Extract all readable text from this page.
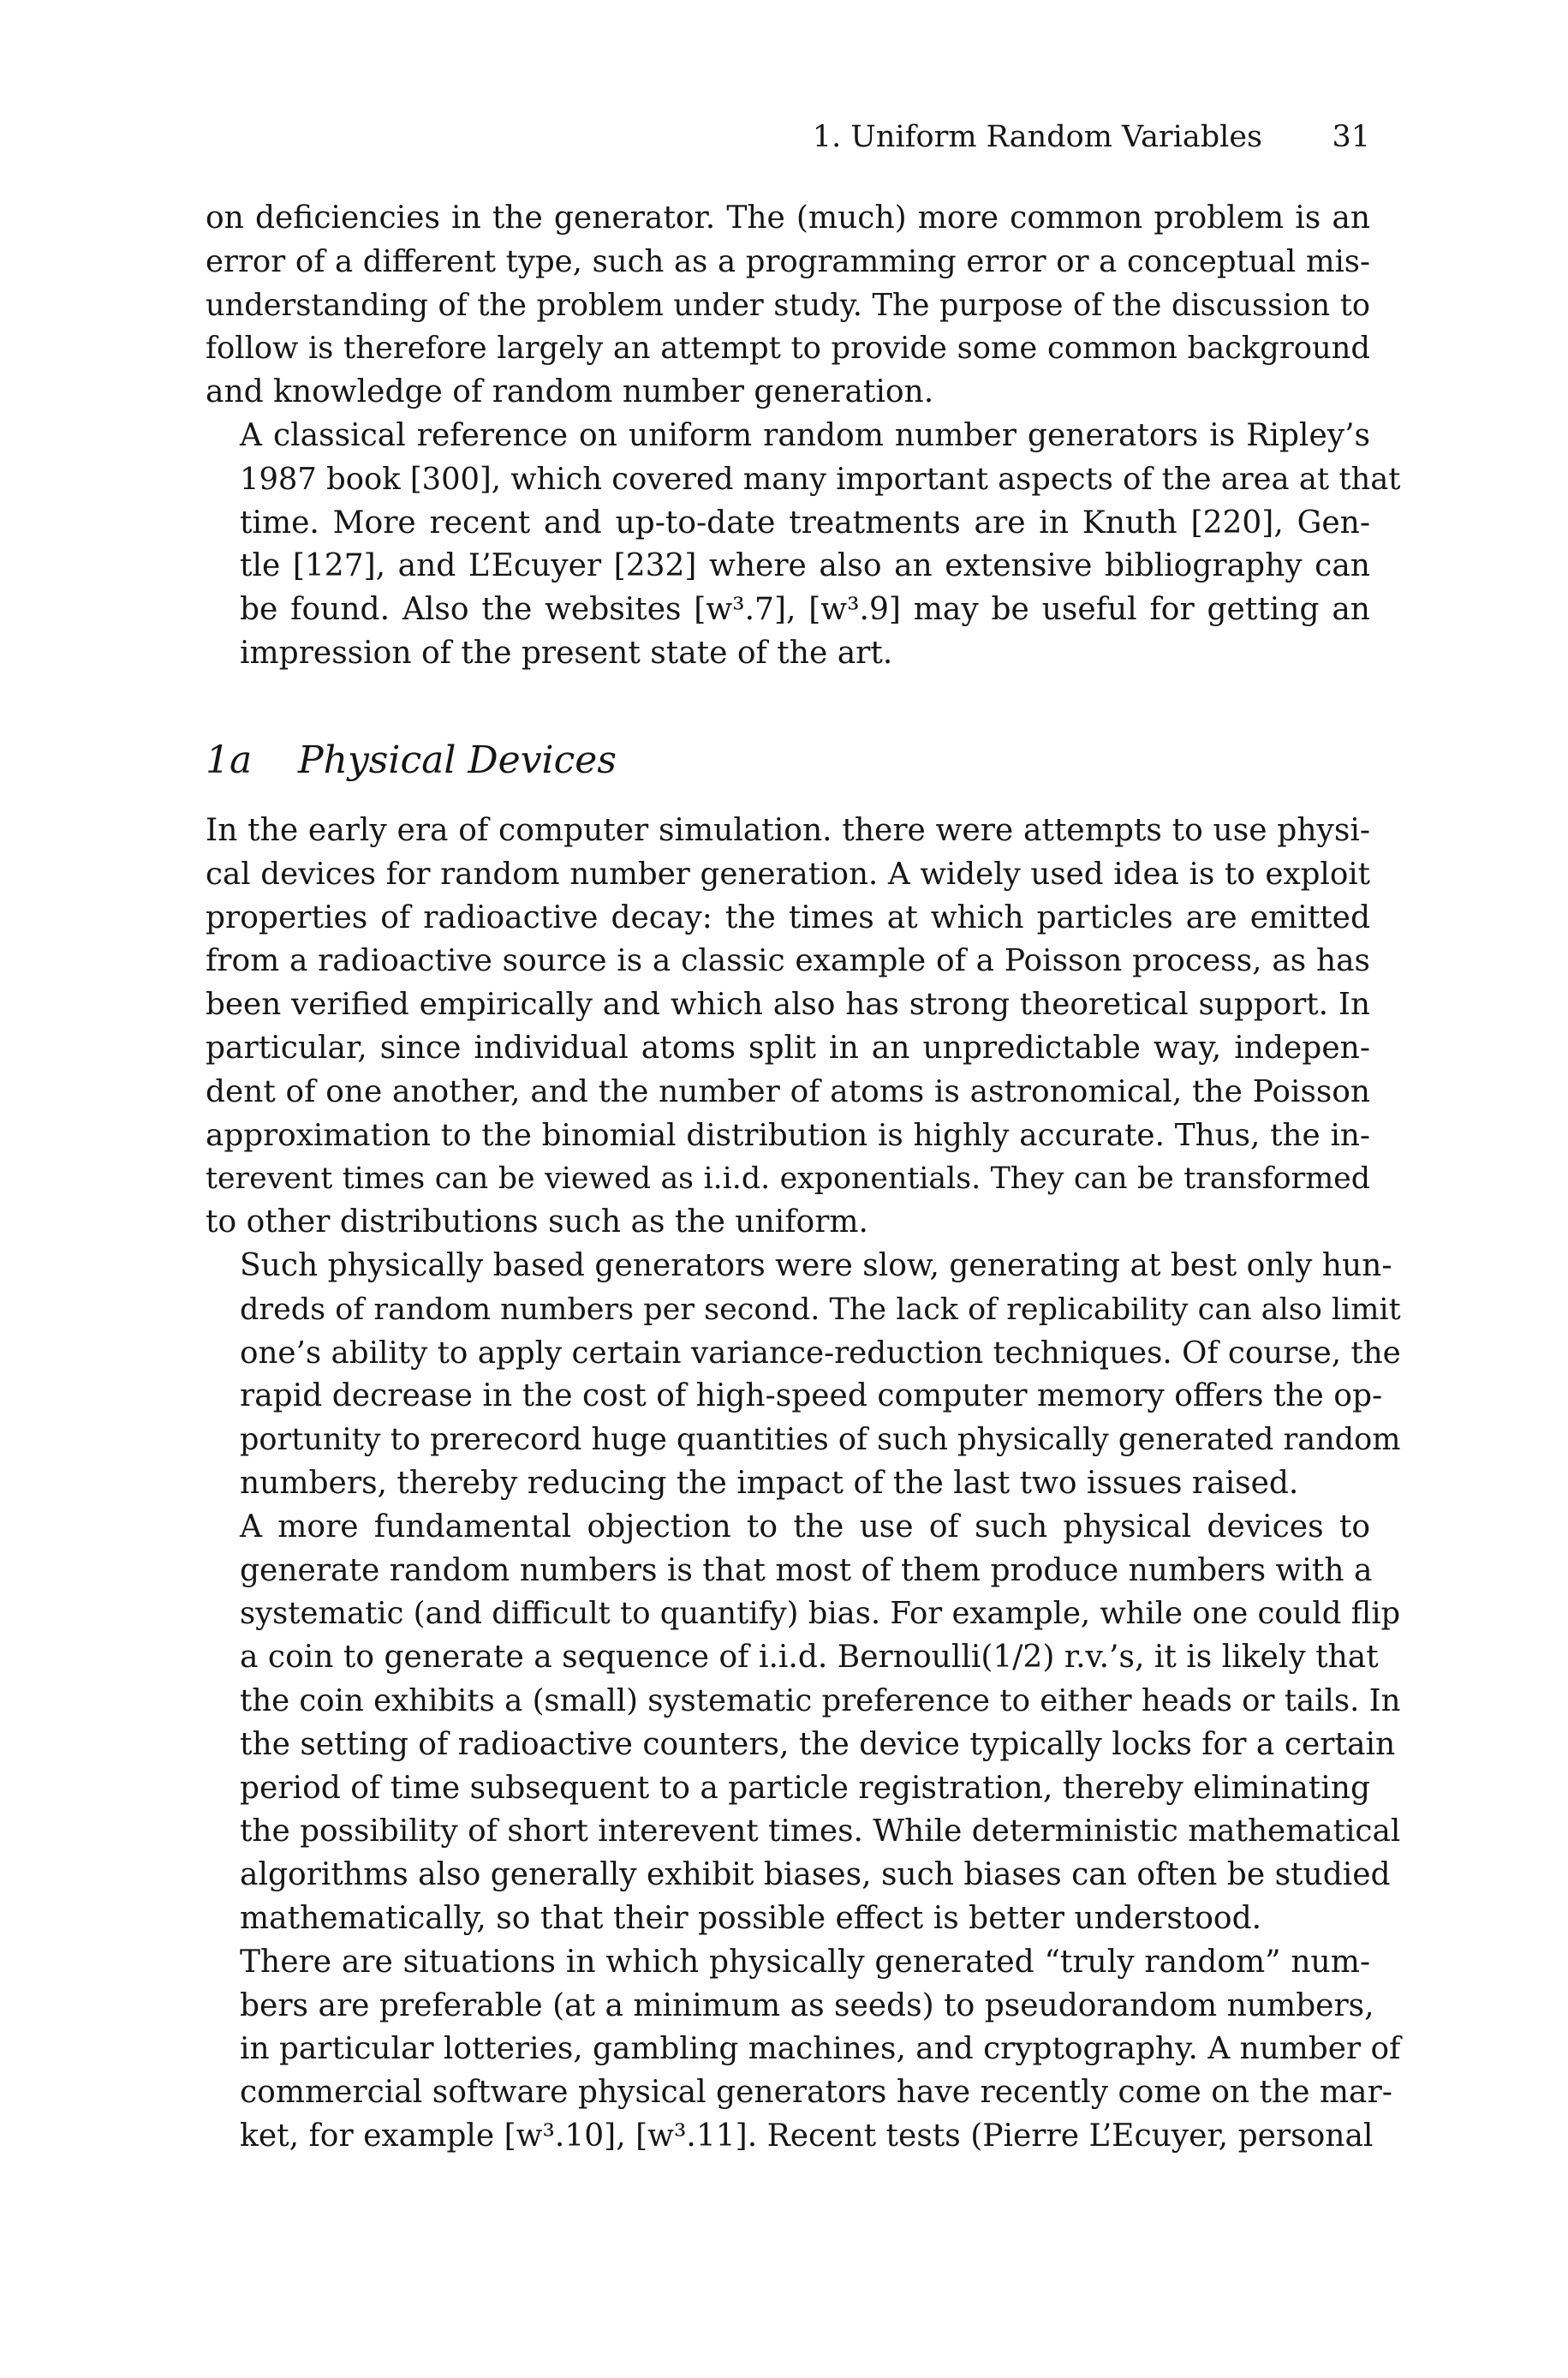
1. Uniform Random Variables 31

on deficiencies in the generator. The (much) more common problem is an
error of a different type, such as a programming error or a conceptual mis-
understanding of the problem under study. The purpose of the discussion to
follow is therefore largely an attempt to provide some common background
and knowledge of random number generation.

A classical reference on uniform random number generators is Ripley’s
1987 book [300], which covered many important aspects of the area at that
time. More recent and up-to-date treatments are in Knuth [220], Gen-
tle [127], and L’Ecuyer [232] where also an extensive bibliography can
be found. Also the websites [w³.7], [w³.9] may be useful for getting an
impression of the present state of the art.

1a Physical Devices

In the early era of computer simulation. there were attempts to use physi-
cal devices for random number generation. A widely used idea is to exploit
properties of radioactive decay: the times at which particles are emitted
from a radioactive source is a classic example of a Poisson process, as has
been verified empirically and which also has strong theoretical support. In
particular, since individual atoms split in an unpredictable way, indepen-
dent of one another, and the number of atoms is astronomical, the Poisson
approximation to the binomial distribution is highly accurate. Thus, the in-
terevent times can be viewed as i.i.d. exponentials. They can be transformed
to other distributions such as the uniform.

Such physically based generators were slow, generating at best only hun-
dreds of random numbers per second. The lack of replicability can also limit
one’s ability to apply certain variance-reduction techniques. Of course, the
rapid decrease in the cost of high-speed computer memory offers the op-
portunity to prerecord huge quantities of such physically generated random
numbers, thereby reducing the impact of the last two issues raised.

A more fundamental objection to the use of such physical devices to
generate random numbers is that most of them produce numbers with a
systematic (and difficult to quantify) bias. For example, while one could flip
a coin to generate a sequence of i.i.d. Bernoulli(1/2) r.v.’s, it is likely that
the coin exhibits a (small) systematic preference to either heads or tails. In
the setting of radioactive counters, the device typically locks for a certain
period of time subsequent to a particle registration, thereby eliminating
the possibility of short interevent times. While deterministic mathematical
algorithms also generally exhibit biases, such biases can often be studied
mathematically, so that their possible effect is better understood.

There are situations in which physically generated “truly random” num-
bers are preferable (at a minimum as seeds) to pseudorandom numbers,
in particular lotteries, gambling machines, and cryptography. A number of
commercial software physical generators have recently come on the mar-
ket, for example [w³.10], [w³.11]. Recent tests (Pierre L’Ecuyer, personal
